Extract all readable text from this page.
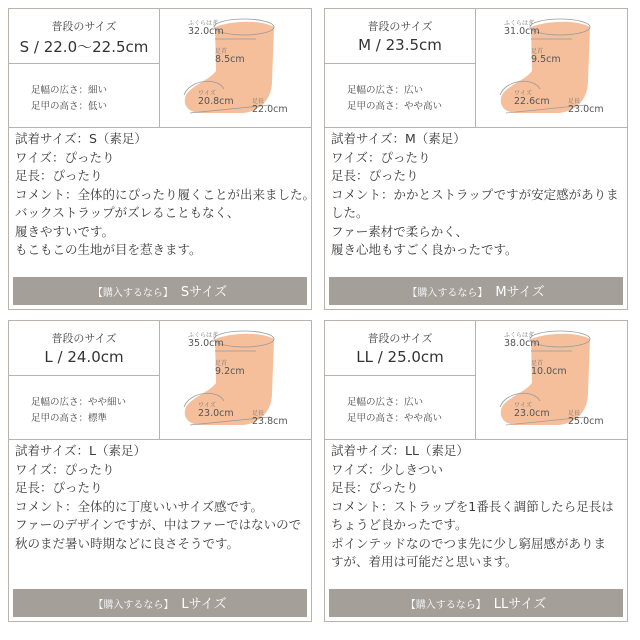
普段のサイズ
S / 22.0〜22.5cm
足幅の広さ：細い
足甲の高さ：低い
ふくらはぎ
32.0cm
足首
8.5cm
ワイズ
20.8cm	足長
22.0cm
試着サイズ：S（素足）
ワイズ：ぴったり
足長：ぴったり
コメント：全体的にぴったり履くことが出来ました。
バックストラップがズレることもなく、
履きやすいです。
もこもこの生地が目を惹きます。
【購入するなら】 Sサイズ
普段のサイズ
M / 23.5cm
足幅の広さ：広い
足甲の高さ：やや高い
ふくらはぎ
31.0cm
足首
9.5cm
ワイズ
22.6cm	足長
23.0cm
試着サイズ：M（素足）
ワイズ：ぴったり
足長：ぴったり
コメント：かかとストラップですが安定感がありま
した。
ファー素材で柔らかく、
履き心地もすごく良かったです。
【購入するなら】 Mサイズ
普段のサイズ
L / 24.0cm
足幅の広さ：やや細い
足甲の高さ：標準
ふくらはぎ
35.0cm
足首
9.2cm
ワイズ
23.0cm	足長
23.8cm
試着サイズ：L（素足）
ワイズ：ぴったり
足長：ぴったり
コメント：全体的に丁度いいサイズ感です。
ファーのデザインですが、中はファーではないので
秋のまだ暑い時期などに良さそうです。
【購入するなら】 Lサイズ
普段のサイズ
LL / 25.0cm
足幅の広さ：広い
足甲の高さ：やや高い
ふくらはぎ
38.0cm
足首
10.0cm
ワイズ
23.0cm	足長
25.0cm
試着サイズ：LL（素足）
ワイズ：少しきつい
足長：ぴったり
コメント：ストラップを1番長く調節したら足長は
ちょうど良かったです。
ポインテッドなのでつま先に少し窮屈感がありま
すが、着用は可能だと思います。
【購入するなら】 LLサイズ
